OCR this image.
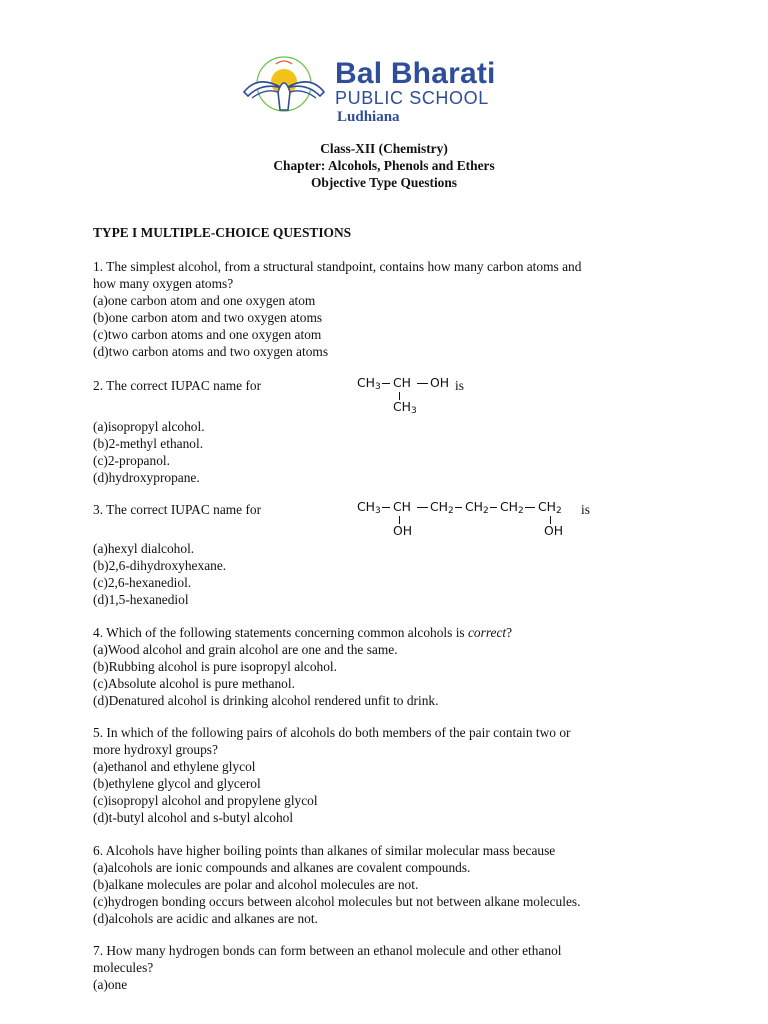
Bal Bharati
PUBLIC SCHOOL
Ludhiana
Class-XII (Chemistry)
Chapter: Alcohols, Phenols and Ethers
Objective Type Questions
TYPE I MULTIPLE-CHOICE QUESTIONS
1. The simplest alcohol, from a structural standpoint, contains how many carbon atoms and
how many oxygen atoms?
(a)one carbon atom and one oxygen atom
(b)one carbon atom and two oxygen atoms
(c)two carbon atoms and one oxygen atom
(d)two carbon atoms and two oxygen atoms
2. The correct IUPAC name for	$CH_3$ CH OH is
$CH_3$
(a)isopropyl alcohol.
(b)2-methyl ethanol.
(c)2-propanol.
(d)hydroxypropane.
3. The correct IUPAC name for	$CH_3$ CH $CH_2$ $CH_2$ $CH_2$ $CH_2$ is
OH	OH
(a)hexyl dialcohol.
(b)2,6-dihydroxyhexane.
(c)2,6-hexanediol.
(d)1,5-hexanediol
4. Which of the following statements concerning common alcohols is correct?
(a)Wood alcohol and grain alcohol are one and the same.
(b)Rubbing alcohol is pure isopropyl alcohol.
(c)Absolute alcohol is pure methanol.
(d)Denatured alcohol is drinking alcohol rendered unfit to drink.
5. In which of the following pairs of alcohols do both members of the pair contain two or
more hydroxyl groups?
(a)ethanol and ethylene glycol
(b)ethylene glycol and glycerol
(c)isopropyl alcohol and propylene glycol
(d)t-butyl alcohol and s-butyl alcohol
6. Alcohols have higher boiling points than alkanes of similar molecular mass because
(a)alcohols are ionic compounds and alkanes are covalent compounds.
(b)alkane molecules are polar and alcohol molecules are not.
(c)hydrogen bonding occurs between alcohol molecules but not between alkane molecules.
(d)alcohols are acidic and alkanes are not.
7. How many hydrogen bonds can form between an ethanol molecule and other ethanol
molecules?
(a)one
